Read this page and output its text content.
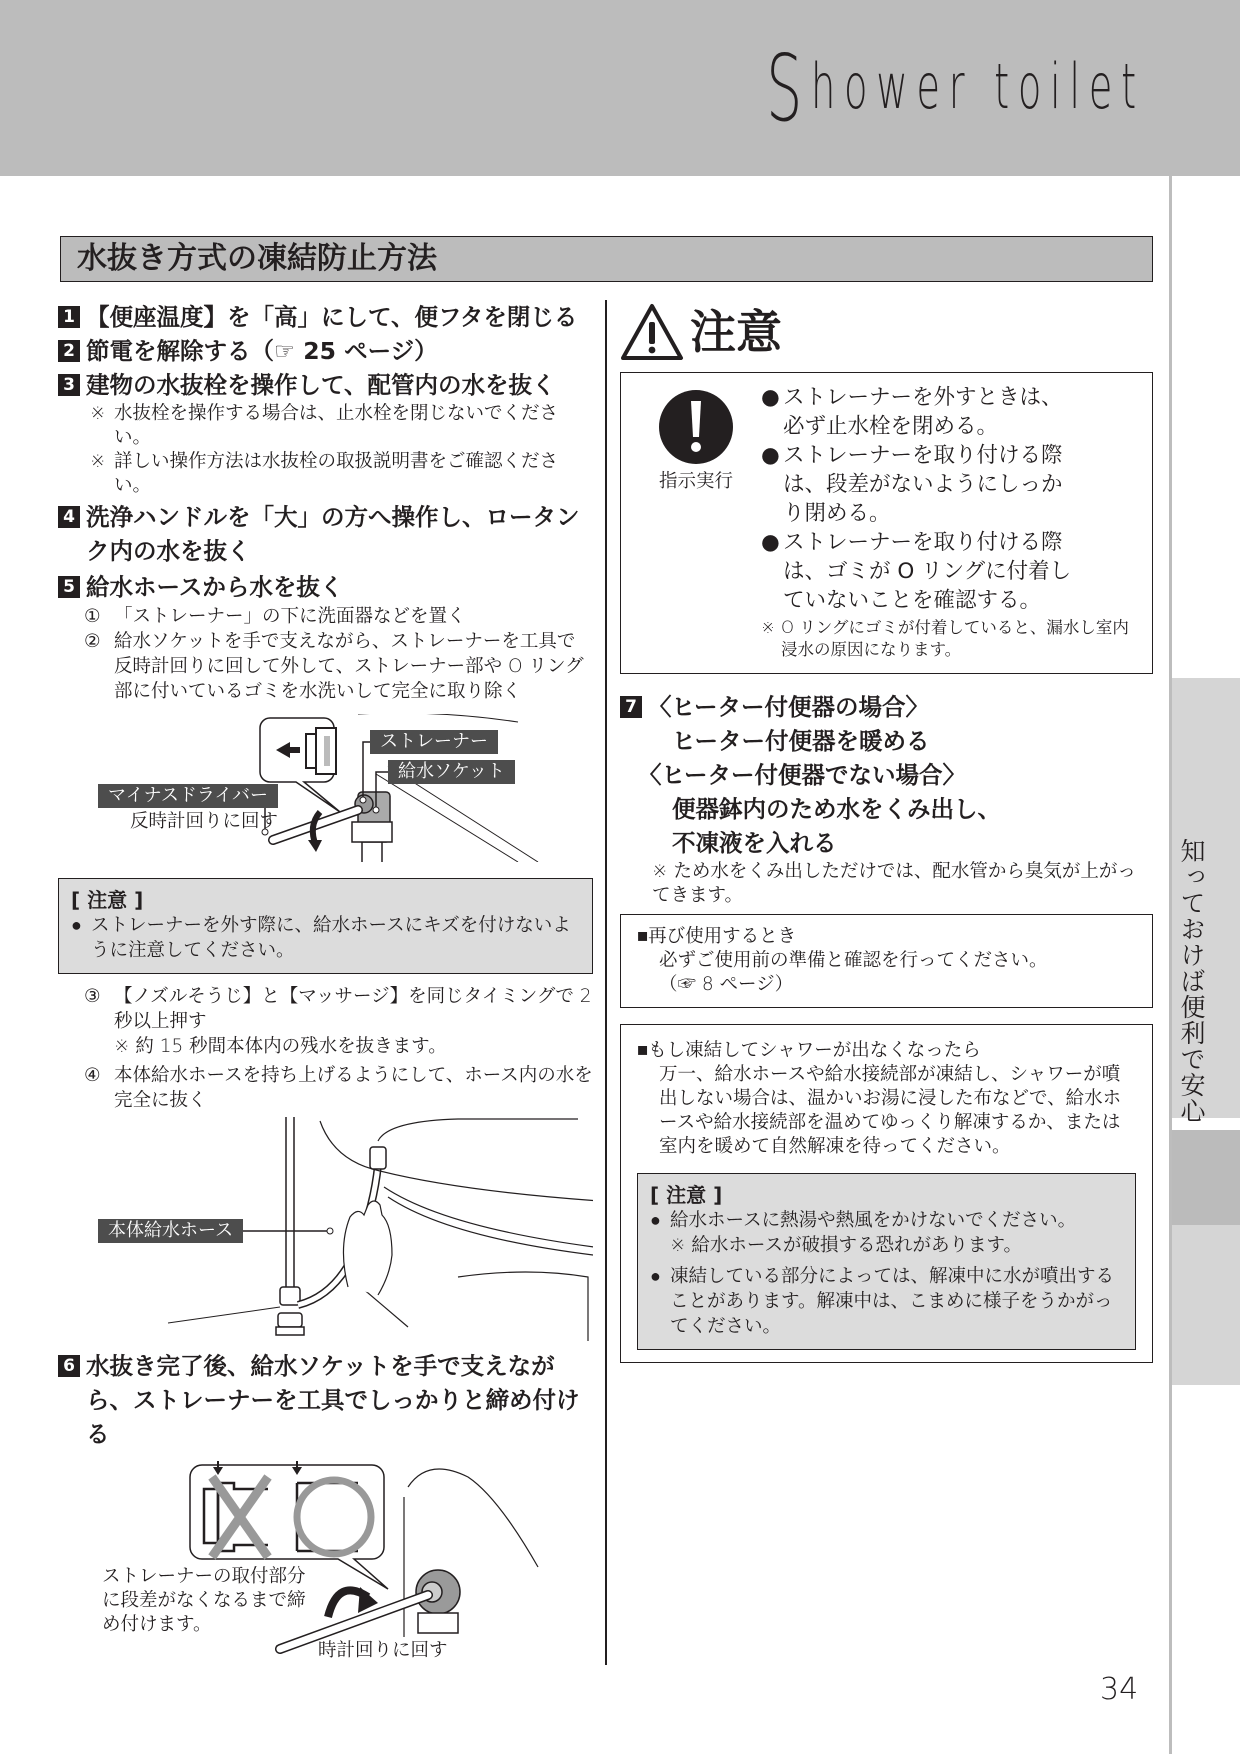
Shower toilet
知っておけば便利で安心
水抜き方式の凍結防止方法
1 【便座温度】を「高」にして、便フタを閉じる
2 節電を解除する（☞ 25 ページ）
3 建物の水抜栓を操作して、配管内の水を抜く
※ 水抜栓を操作する場合は、止水栓を閉じないでください。
※ 詳しい操作方法は水抜栓の取扱説明書をご確認ください。
4 洗浄ハンドルを「大」の方へ操作し、ロータンク内の水を抜く
5 給水ホースから水を抜く
① 「ストレーナー」の下に洗面器などを置く
② 給水ソケットを手で支えながら、ストレーナーを工具で反時計回りに回して外して、ストレーナー部や O リング部に付いているゴミを水洗いして完全に取り除く
ストレーナー
給水ソケット
マイナスドライバー
反時計回りに回す
[ 注意 ]
● ストレーナーを外す際に、給水ホースにキズを付けないように注意してください。
③ 【ノズルそうじ】と【マッサージ】を同じタイミングで 2 秒以上押す
※ 約 15 秒間本体内の残水を抜きます。
④ 本体給水ホースを持ち上げるようにして、ホース内の水を完全に抜く
本体給水ホース
6 水抜き完了後、給水ソケットを手で支えながら、ストレーナーを工具でしっかりと締め付ける
ストレーナーの取付部分に段差がなくなるまで締め付けます。
時計回りに回す
注意
指示実行
● ストレーナーを外すときは、必ず止水栓を閉める。
● ストレーナーを取り付ける際は、段差がないようにしっかり閉める。
● ストレーナーを取り付ける際は、ゴミが O リングに付着していないことを確認する。
※ O リングにゴミが付着していると、漏水し室内浸水の原因になります。
7 〈ヒーター付便器の場合〉
ヒーター付便器を暖める
〈ヒーター付便器でない場合〉
便器鉢内のため水をくみ出し、
不凍液を入れる
※ ため水をくみ出しただけでは、配水管から臭気が上がってきます。
■再び使用するとき
必ずご使用前の準備と確認を行ってください。
（☞ 8 ページ）
■もし凍結してシャワーが出なくなったら
万一、給水ホースや給水接続部が凍結し、シャワーが噴出しない場合は、温かいお湯に浸した布などで、給水ホースや給水接続部を温めてゆっくり解凍するか、または室内を暖めて自然解凍を待ってください。
[ 注意 ]
● 給水ホースに熱湯や熱風をかけないでください。
※ 給水ホースが破損する恐れがあります。
● 凍結している部分によっては、解凍中に水が噴出することがあります。解凍中は、こまめに様子をうかがってください。
34
